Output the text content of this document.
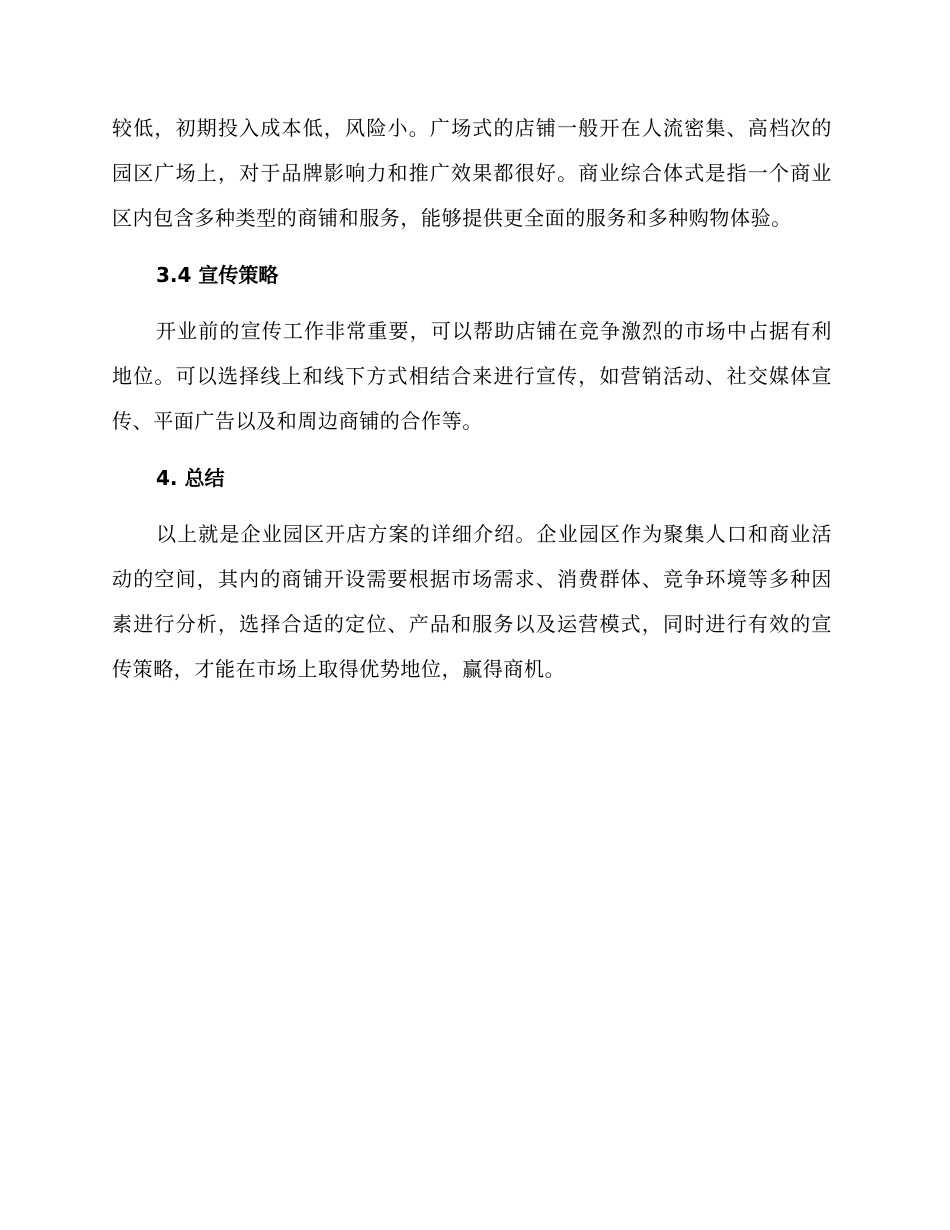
较低，初期投入成本低，风险小。广场式的店铺一般开在人流密集、高档次的园区广场上，对于品牌影响力和推广效果都很好。商业综合体式是指一个商业区内包含多种类型的商铺和服务，能够提供更全面的服务和多种购物体验。

3.4 宣传策略

开业前的宣传工作非常重要，可以帮助店铺在竞争激烈的市场中占据有利地位。可以选择线上和线下方式相结合来进行宣传，如营销活动、社交媒体宣传、平面广告以及和周边商铺的合作等。

4. 总结

以上就是企业园区开店方案的详细介绍。企业园区作为聚集人口和商业活动的空间，其内的商铺开设需要根据市场需求、消费群体、竞争环境等多种因素进行分析，选择合适的定位、产品和服务以及运营模式，同时进行有效的宣传策略，才能在市场上取得优势地位，赢得商机。
